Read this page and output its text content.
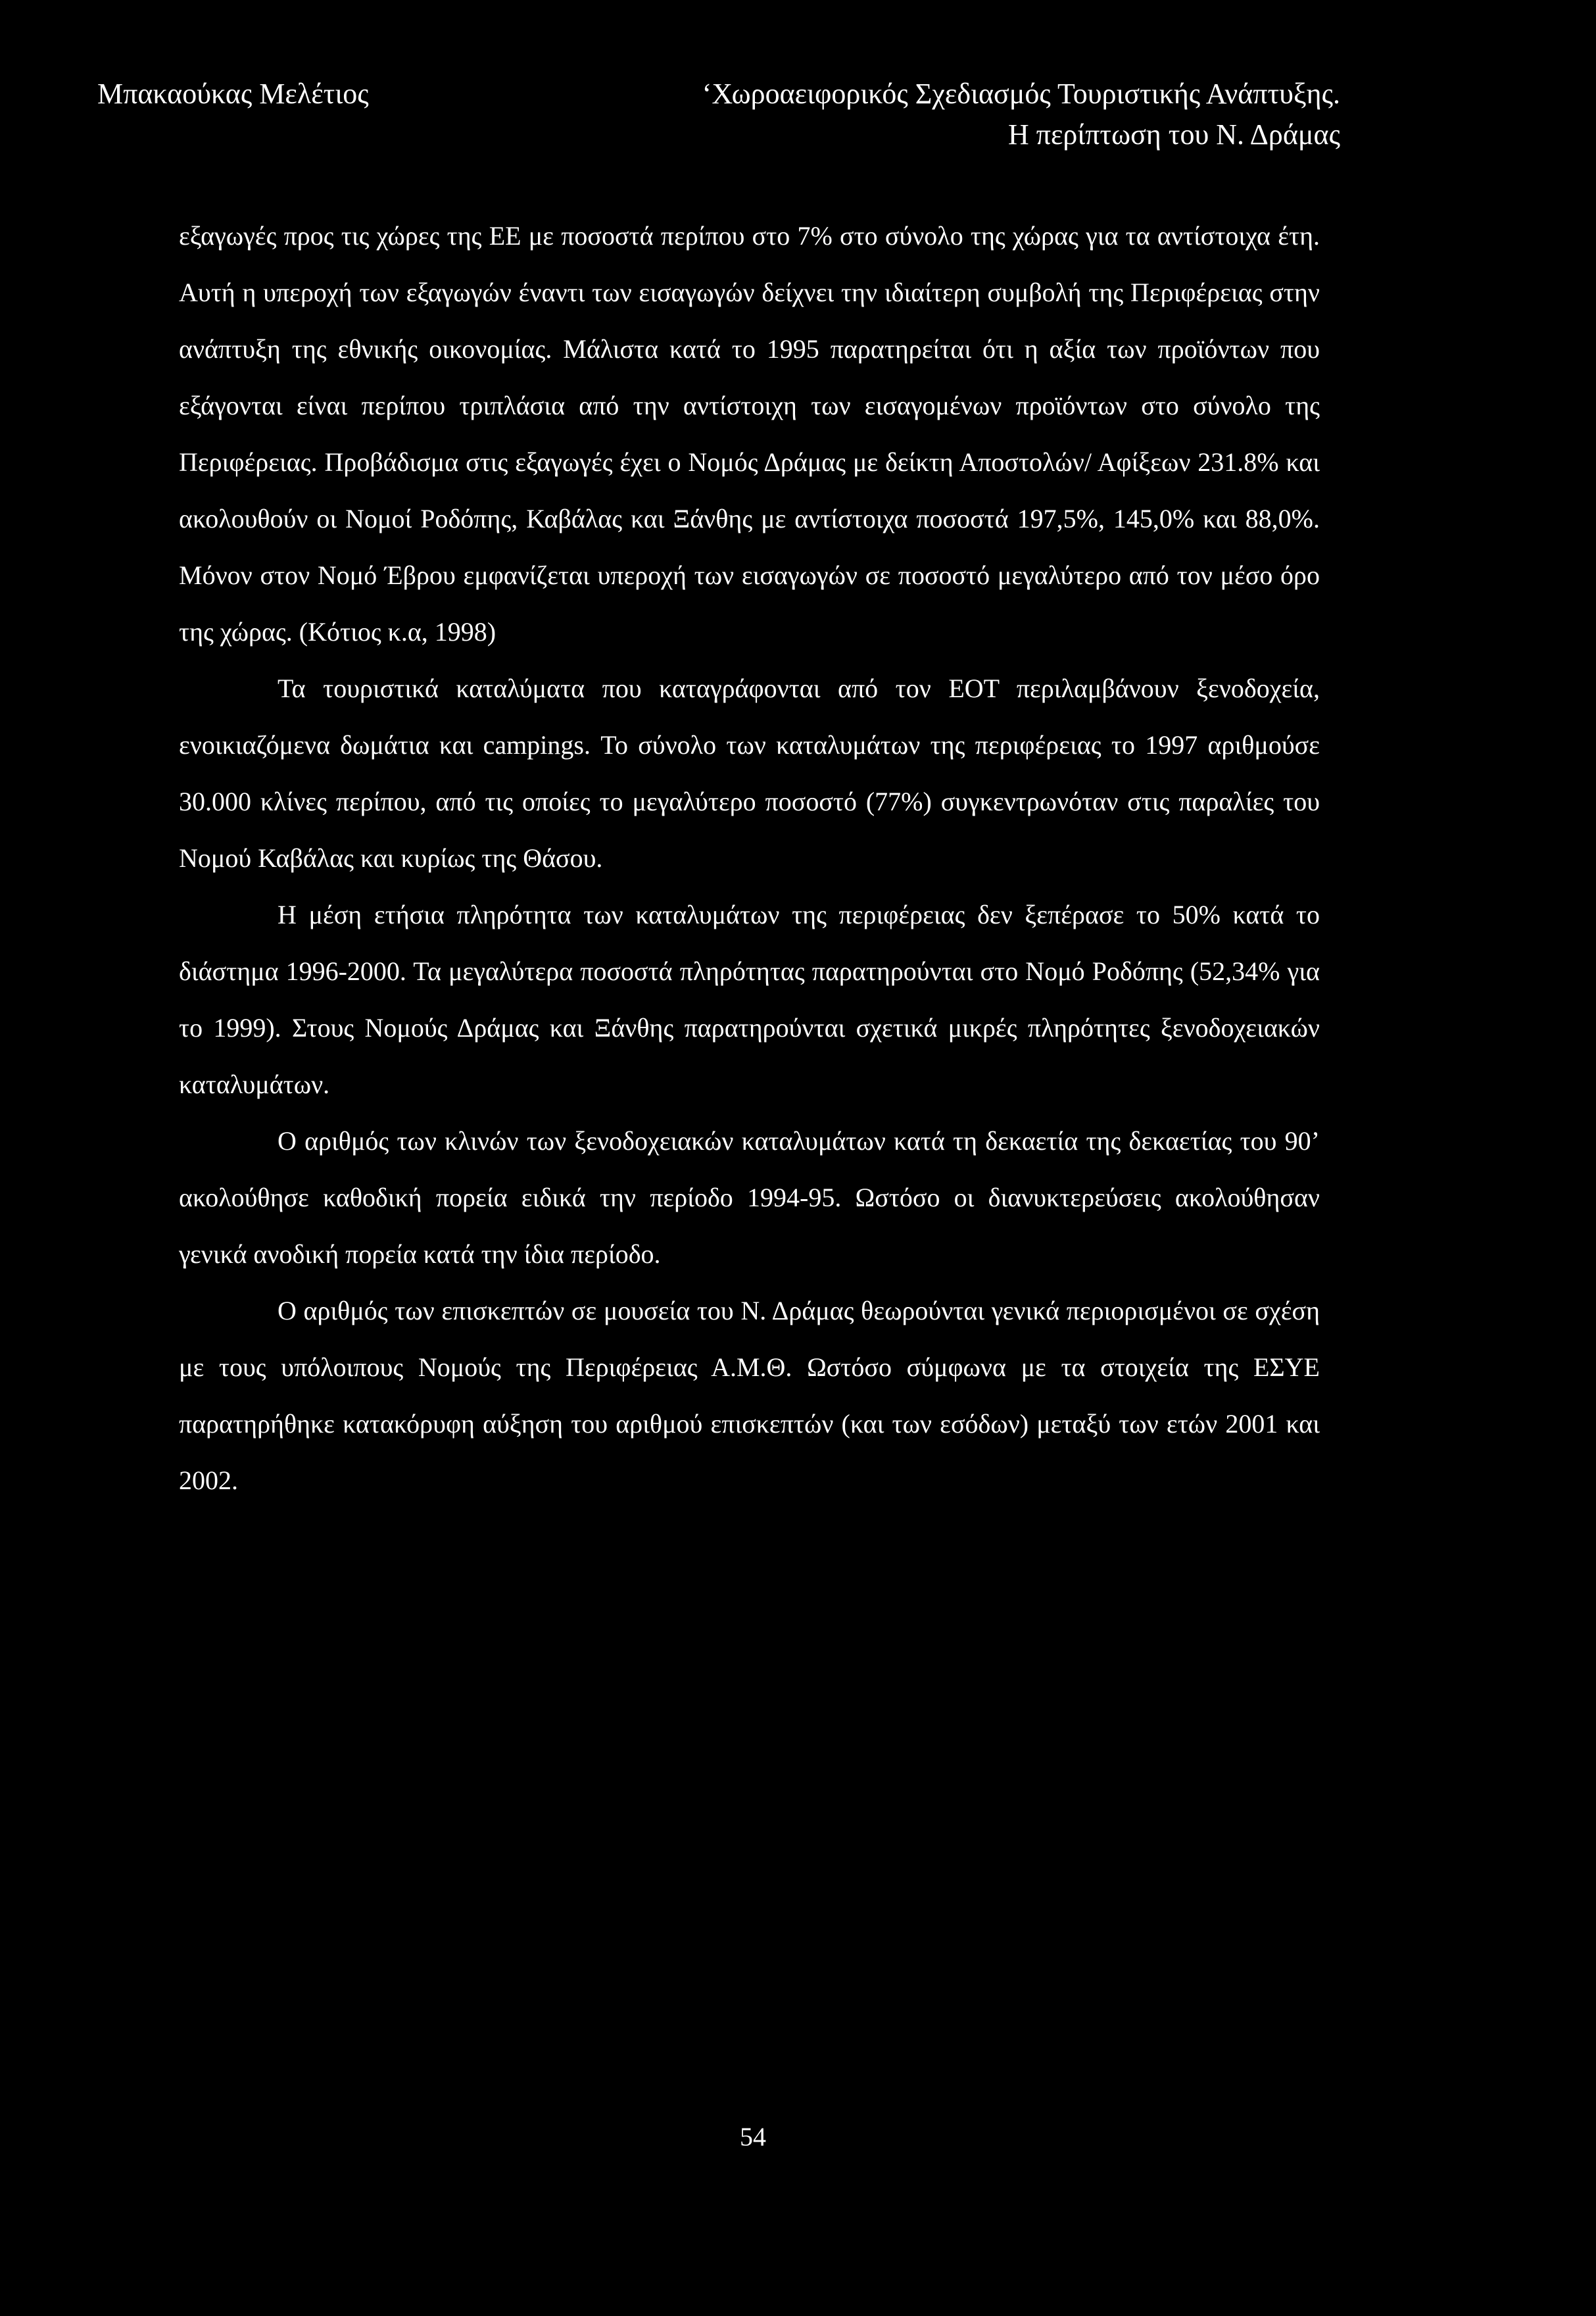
Μπακαούκας Μελέτιος	‘Χωροαειφορικός Σχεδιασμός Τουριστικής Ανάπτυξης.
Η περίπτωση του Ν. Δράμας

εξαγωγές προς τις χώρες της ΕΕ με ποσοστά περίπου στο 7% στο σύνολο της χώρας για τα αντίστοιχα έτη. Αυτή η υπεροχή των εξαγωγών έναντι των εισαγωγών δείχνει την ιδιαίτερη συμβολή της Περιφέρειας στην ανάπτυξη της εθνικής οικονομίας. Μάλιστα κατά το 1995 παρατηρείται ότι η αξία των προϊόντων που εξάγονται είναι περίπου τριπλάσια από την αντίστοιχη των εισαγομένων προϊόντων στο σύνολο της Περιφέρειας. Προβάδισμα στις εξαγωγές έχει ο Νομός Δράμας με δείκτη Αποστολών/ Αφίξεων 231.8% και ακολουθούν οι Νομοί Ροδόπης, Καβάλας και Ξάνθης με αντίστοιχα ποσοστά 197,5%, 145,0% και 88,0%. Μόνον στον Νομό Έβρου εμφανίζεται υπεροχή των εισαγωγών σε ποσοστό μεγαλύτερο από τον μέσο όρο της χώρας. (Κότιος κ.α, 1998)

Τα τουριστικά καταλύματα που καταγράφονται από τον ΕΟΤ περιλαμβάνουν ξενοδοχεία, ενοικιαζόμενα δωμάτια και campings. Το σύνολο των καταλυμάτων της περιφέρειας το 1997 αριθμούσε 30.000 κλίνες περίπου, από τις οποίες το μεγαλύτερο ποσοστό (77%) συγκεντρωνόταν στις παραλίες του Νομού Καβάλας και κυρίως της Θάσου.

Η μέση ετήσια πληρότητα των καταλυμάτων της περιφέρειας δεν ξεπέρασε το 50% κατά το διάστημα 1996-2000. Τα μεγαλύτερα ποσοστά πληρότητας παρατηρούνται στο Νομό Ροδόπης (52,34% για το 1999). Στους Νομούς Δράμας και Ξάνθης παρατηρούνται σχετικά μικρές πληρότητες ξενοδοχειακών καταλυμάτων.

Ο αριθμός των κλινών των ξενοδοχειακών καταλυμάτων κατά τη δεκαετία της δεκαετίας του 90’ ακολούθησε καθοδική πορεία ειδικά την περίοδο 1994-95. Ωστόσο οι διανυκτερεύσεις ακολούθησαν γενικά ανοδική πορεία κατά την ίδια περίοδο.

Ο αριθμός των επισκεπτών σε μουσεία του Ν. Δράμας θεωρούνται γενικά περιορισμένοι σε σχέση με τους υπόλοιπους Νομούς της Περιφέρειας Α.Μ.Θ. Ωστόσο σύμφωνα με τα στοιχεία της ΕΣΥΕ παρατηρήθηκε κατακόρυφη αύξηση του αριθμού επισκεπτών (και των εσόδων) μεταξύ των ετών 2001 και 2002.

54
